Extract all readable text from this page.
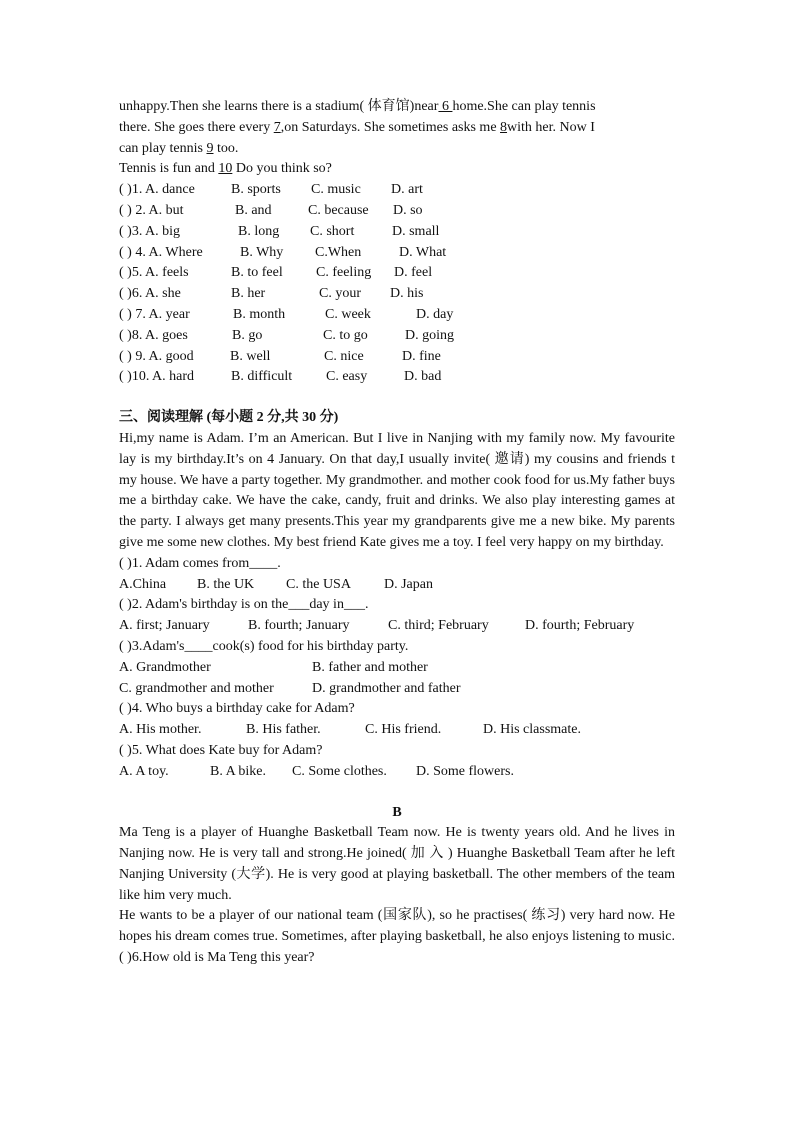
unhappy.Then she learns there is a stadium( 体育馆)near 6 home.She can play tennis

there. She goes there every 7,on Saturdays. She sometimes asks me 8with her. Now I

can play tennis 9 too.

Tennis is fun and 10 Do you think so?

( )1. A. dance	B. sports	C. music	D. art
( ) 2. A. but	B. and	C. because	D. so
( )3. A. big	B. long	C. short	D. small
( ) 4. A. Where	B. Why	C.When	D. What
( )5. A. feels	B. to feel	C. feeling	D. feel
( )6. A. she	B. her	C. your	D. his
( ) 7. A. year	B. month	C. week	D. day
( )8. A. goes	B. go	C. to go	D. going
( ) 9. A. good	B. well	C. nice	D. fine
( )10. A. hard	B. difficult	C. easy	D. bad

三、阅读理解 (每小题 2 分,共 30 分)

Hi,my name is Adam. I’m an American. But I live in Nanjing with my family now. My favourite lay is my birthday.It’s on 4 January. On that day,I usually invite( 邀请) my cousins and friends t my house. We have a party together. My grandmother. and mother cook food for us.My father buys me a birthday cake. We have the cake, candy, fruit and drinks. We also play interesting games at the party. I always get many presents.This year my grandparents give me a new bike. My parents give me some new clothes. My best friend Kate gives me a toy. I feel very happy on my birthday.

( )1. Adam comes from____.

A.China	B. the UK	C. the USA	D. Japan

( )2. Adam's birthday is on the___day in___.

A. first; January	B. fourth; January	C. third; February	D. fourth; February

( )3.Adam's____cook(s) food for his birthday party.

A. Grandmother	B. father and mother
C. grandmother and mother	D. grandmother and father

( )4. Who buys a birthday cake for Adam?

A. His mother.	B. His father.	C. His friend.	D. His classmate.

( )5. What does Kate buy for Adam?

A. A toy.	B. A bike.	C. Some clothes.	D. Some flowers.

B

Ma Teng is a player of Huanghe Basketball Team now. He is twenty years old. And he lives in Nanjing now. He is very tall and strong.He joined( 加 入 ) Huanghe Basketball Team after he left Nanjing University (大学). He is very good at playing basketball. The other members of the team like him very much.

He wants to be a player of our national team (国家队), so he practises( 练习) very hard now. He hopes his dream comes true. Sometimes, after playing basketball, he also enjoys listening to music.

( )6.How old is Ma Teng this year?
